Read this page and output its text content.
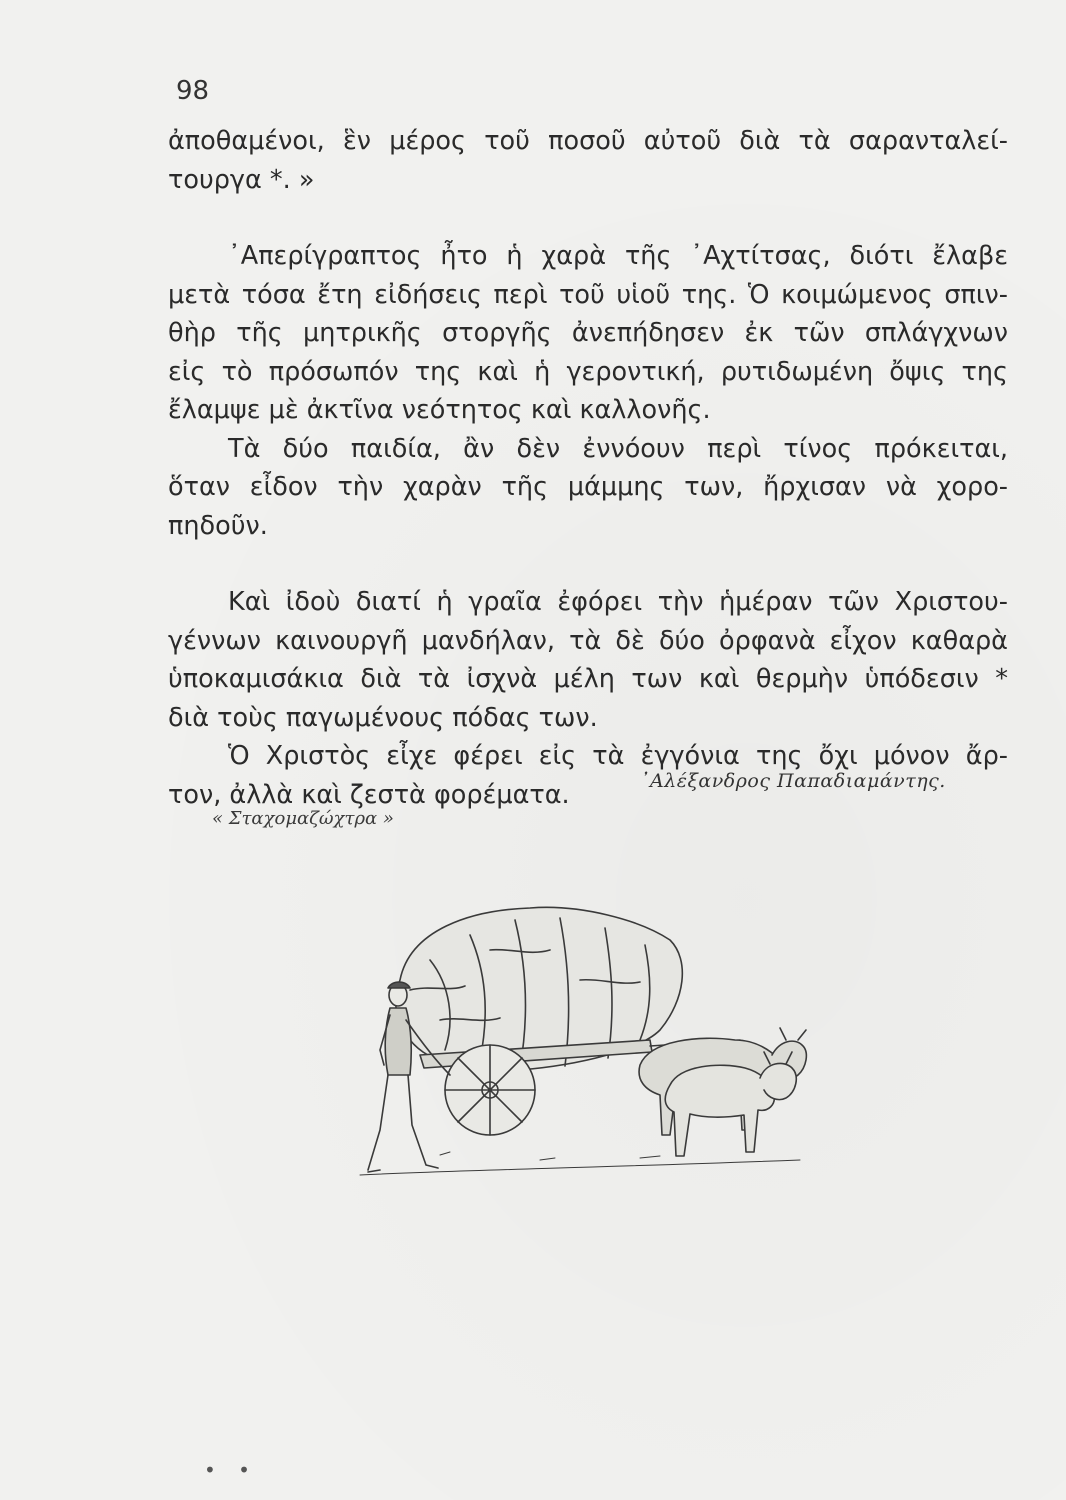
98
ἀποθαμένοι, ἓν μέρος τοῦ ποσοῦ αὐτοῦ διὰ τὰ σαρανταλεί-
τουργα *. »
᾿Απερίγραπτος ἦτο ἡ χαρὰ τῆς ᾿Αχτίτσας, διότι ἔλαβε
μετὰ τόσα ἔτη εἰδήσεις περὶ τοῦ υἱοῦ της. Ὁ κοιμώμενος σπιν-
θὴρ τῆς μητρικῆς στοργῆς ἀνεπήδησεν ἐκ τῶν σπλάγχνων
εἰς τὸ πρόσωπόν της καὶ ἡ γεροντική, ρυτιδωμένη ὄψις της
ἔλαμψε μὲ ἀκτῖνα νεότητος καὶ καλλονῆς.
Τὰ δύο παιδία, ἂν δὲν ἐννόουν περὶ τίνος πρόκειται,
ὅταν εἶδον τὴν χαρὰν τῆς μάμμης των, ἤρχισαν νὰ χορο-
πηδοῦν.
Καὶ ἰδοὺ διατί ἡ γραῖα ἐφόρει τὴν ἡμέραν τῶν Χριστου-
γέννων καινουργῆ μανδήλαν, τὰ δὲ δύο ὀρφανὰ εἶχον καθαρὰ
ὑποκαμισάκια διὰ τὰ ἰσχνὰ μέλη των καὶ θερμὴν ὑπόδεσιν *
διὰ τοὺς παγωμένους πόδας των.
Ὁ Χριστὸς εἶχε φέρει εἰς τὰ ἐγγόνια της ὄχι μόνον ἄρ-
τον, ἀλλὰ καὶ ζεστὰ φορέματα.	᾿Αλέξανδρος Παπαδιαμάντης.
« Σταχομαζώχτρα »
• •
